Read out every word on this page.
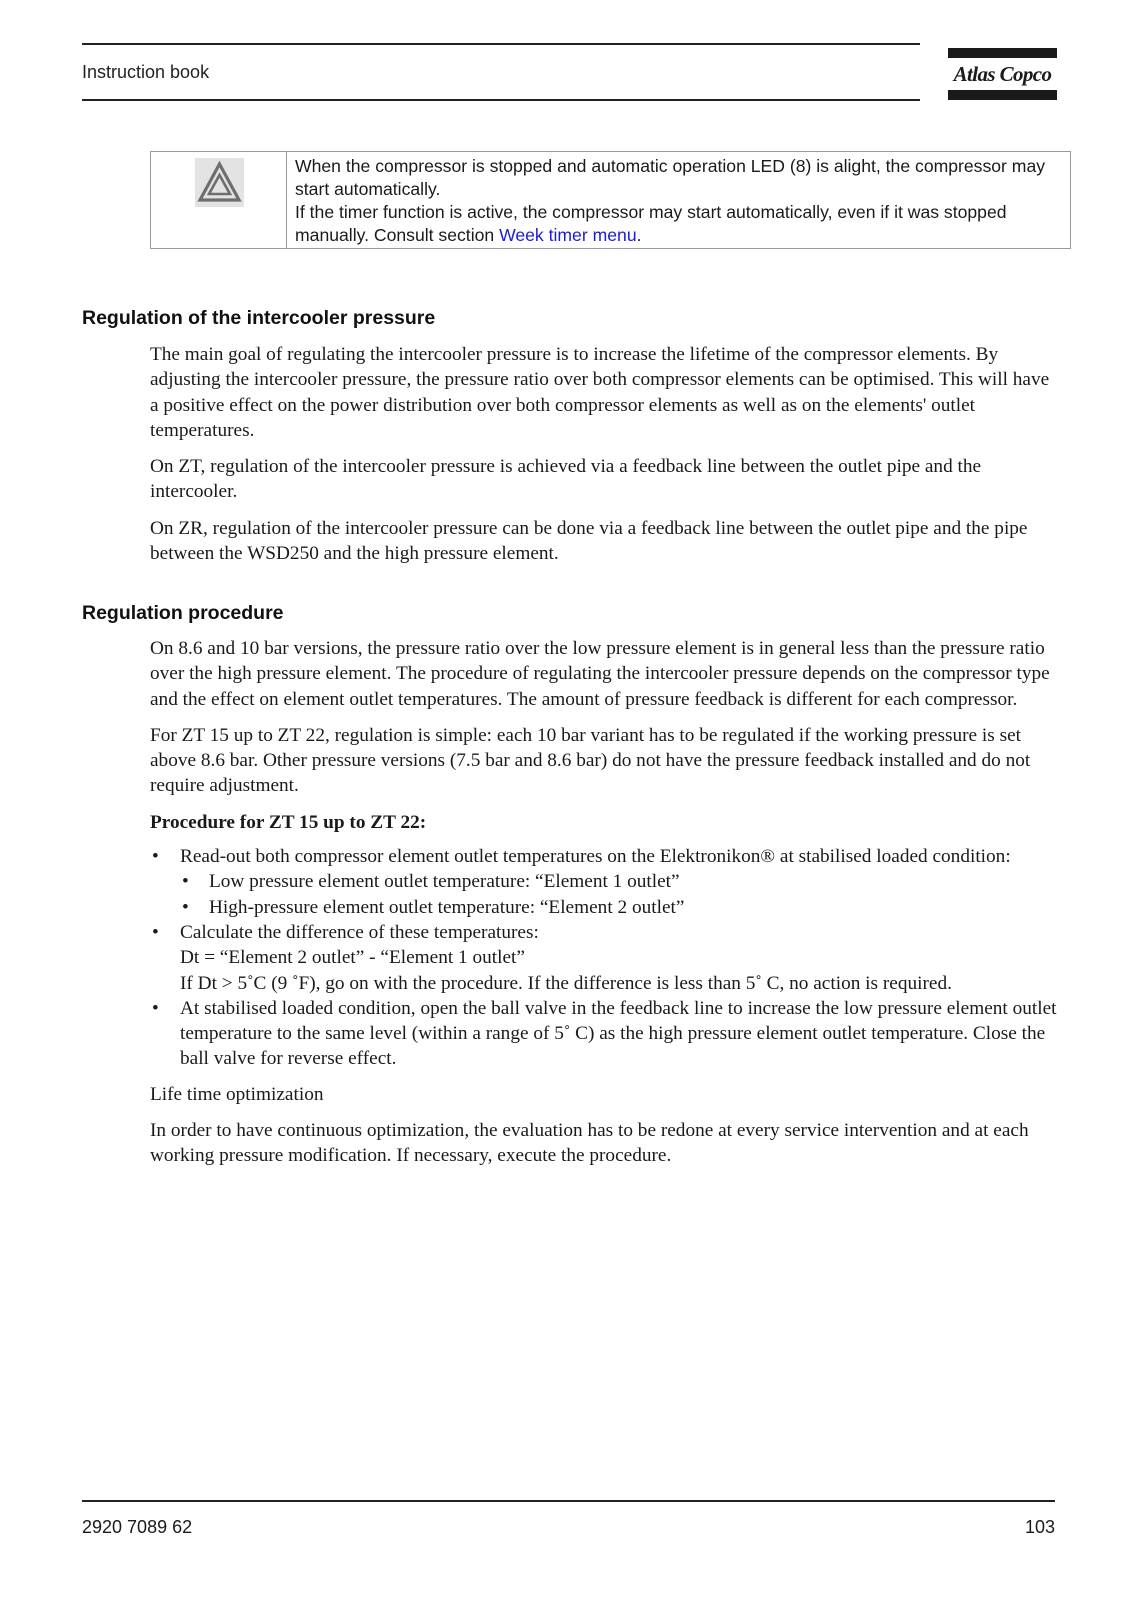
Instruction book	Atlas Copco

When the compressor is stopped and automatic operation LED (8) is alight, the compressor may start automatically.

If the timer function is active, the compressor may start automatically, even if it was stopped manually. Consult section Week timer menu.

Regulation of the intercooler pressure

The main goal of regulating the intercooler pressure is to increase the lifetime of the compressor elements. By adjusting the intercooler pressure, the pressure ratio over both compressor elements can be optimised. This will have a positive effect on the power distribution over both compressor elements as well as on the elements' outlet temperatures.

On ZT, regulation of the intercooler pressure is achieved via a feedback line between the outlet pipe and the intercooler.

On ZR, regulation of the intercooler pressure can be done via a feedback line between the outlet pipe and the pipe between the WSD250 and the high pressure element.

Regulation procedure

On 8.6 and 10 bar versions, the pressure ratio over the low pressure element is in general less than the pressure ratio over the high pressure element. The procedure of regulating the intercooler pressure depends on the compressor type and the effect on element outlet temperatures. The amount of pressure feedback is different for each compressor.

For ZT 15 up to ZT 22, regulation is simple: each 10 bar variant has to be regulated if the working pressure is set above 8.6 bar. Other pressure versions (7.5 bar and 8.6 bar) do not have the pressure feedback installed and do not require adjustment.

Procedure for ZT 15 up to ZT 22:

• Read-out both compressor element outlet temperatures on the Elektronikon® at stabilised loaded condition:
• Low pressure element outlet temperature: “Element 1 outlet”
• High-pressure element outlet temperature: “Element 2 outlet”
• Calculate the difference of these temperatures:
Dt = “Element 2 outlet” - “Element 1 outlet”
If Dt > 5˚C (9 ˚F), go on with the procedure. If the difference is less than 5˚ C, no action is required.
• At stabilised loaded condition, open the ball valve in the feedback line to increase the low pressure element outlet temperature to the same level (within a range of 5˚ C) as the high pressure element outlet temperature. Close the ball valve for reverse effect.

Life time optimization

In order to have continuous optimization, the evaluation has to be redone at every service intervention and at each working pressure modification. If necessary, execute the procedure.

2920 7089 62	103
